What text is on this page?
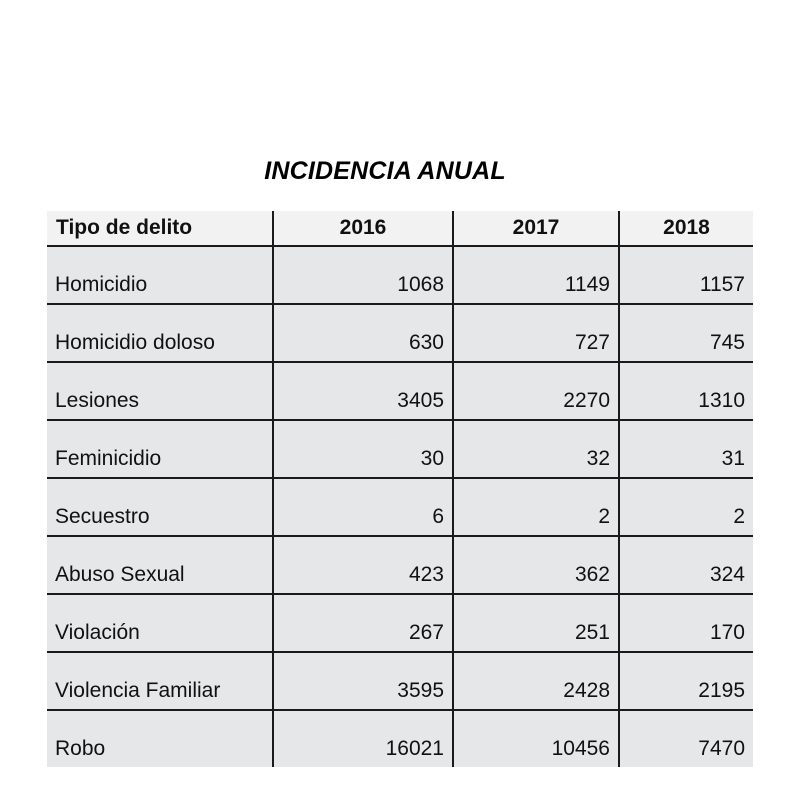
INCIDENCIA ANUAL
Tipo de delito	2016	2017	2018
Homicidio	1068	1149	1157
Homicidio doloso	630	727	745
Lesiones	3405	2270	1310
Feminicidio	30	32	31
Secuestro	6	2	2
Abuso Sexual	423	362	324
Violación	267	251	170
Violencia Familiar	3595	2428	2195
Robo	16021	10456	7470
